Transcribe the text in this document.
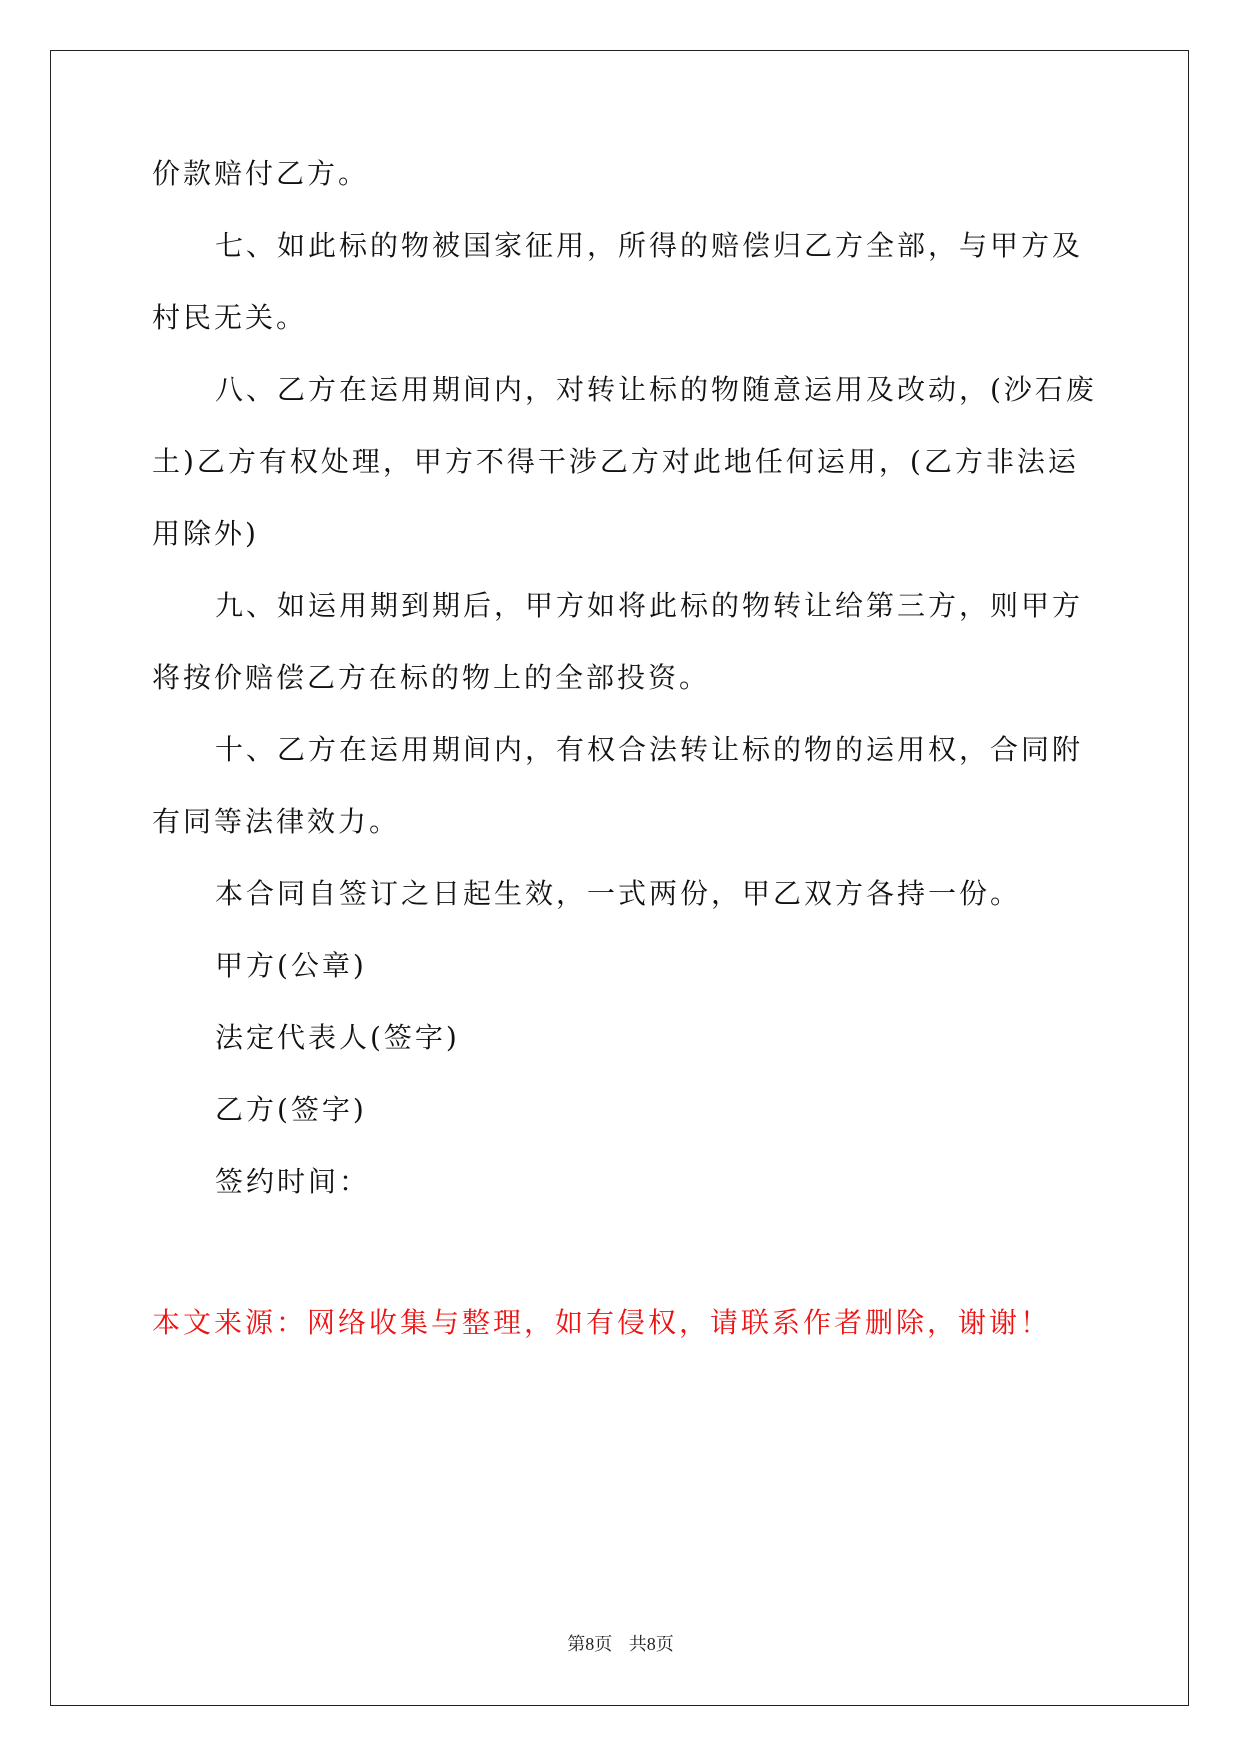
价款赔付乙方。
七、如此标的物被国家征用，所得的赔偿归乙方全部，与甲方及
村民无关。
八、乙方在运用期间内，对转让标的物随意运用及改动，(沙石废
土)乙方有权处理，甲方不得干涉乙方对此地任何运用，(乙方非法运
用除外)
九、如运用期到期后，甲方如将此标的物转让给第三方，则甲方
将按价赔偿乙方在标的物上的全部投资。
十、乙方在运用期间内，有权合法转让标的物的运用权，合同附
有同等法律效力。
本合同自签订之日起生效，一式两份，甲乙双方各持一份。
甲方(公章)
法定代表人(签字)
乙方(签字)
签约时间：
本文来源：网络收集与整理，如有侵权，请联系作者删除，谢谢！
第8页 共8页
